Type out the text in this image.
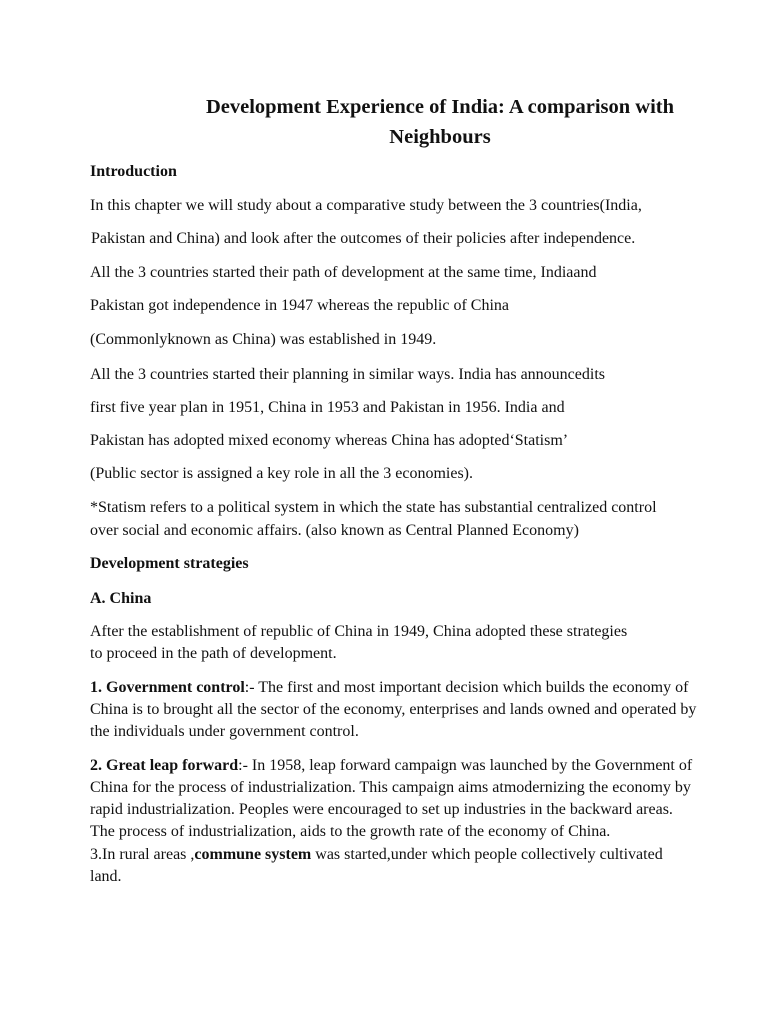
Development Experience of India: A comparison with
Neighbours
Introduction
In this chapter we will study about a comparative study between the 3 countries(India,
Pakistan and China) and look after the outcomes of their policies after independence.
All the 3 countries started their path of development at the same time, Indiaand
Pakistan got independence in 1947 whereas the republic of China
(Commonlyknown as China) was established in 1949.
All the 3 countries started their planning in similar ways. India has announcedits
first five year plan in 1951, China in 1953 and Pakistan in 1956. India and
Pakistan has adopted mixed economy whereas China has adopted‘Statism’
(Public sector is assigned a key role in all the 3 economies).
*Statism refers to a political system in which the state has substantial centralized control
over social and economic affairs. (also known as Central Planned Economy)
Development strategies
A. China
After the establishment of republic of China in 1949, China adopted these strategies
to proceed in the path of development.
1. Government control:- The first and most important decision which builds the economy of
China is to brought all the sector of the economy, enterprises and lands owned and operated by
the individuals under government control.
2. Great leap forward:- In 1958, leap forward campaign was launched by the Government of
China for the process of industrialization. This campaign aims atmodernizing the economy by
rapid industrialization. Peoples were encouraged to set up industries in the backward areas.
The process of industrialization, aids to the growth rate of the economy of China.
3.In rural areas ,commune system was started,under which people collectively cultivated
land.
